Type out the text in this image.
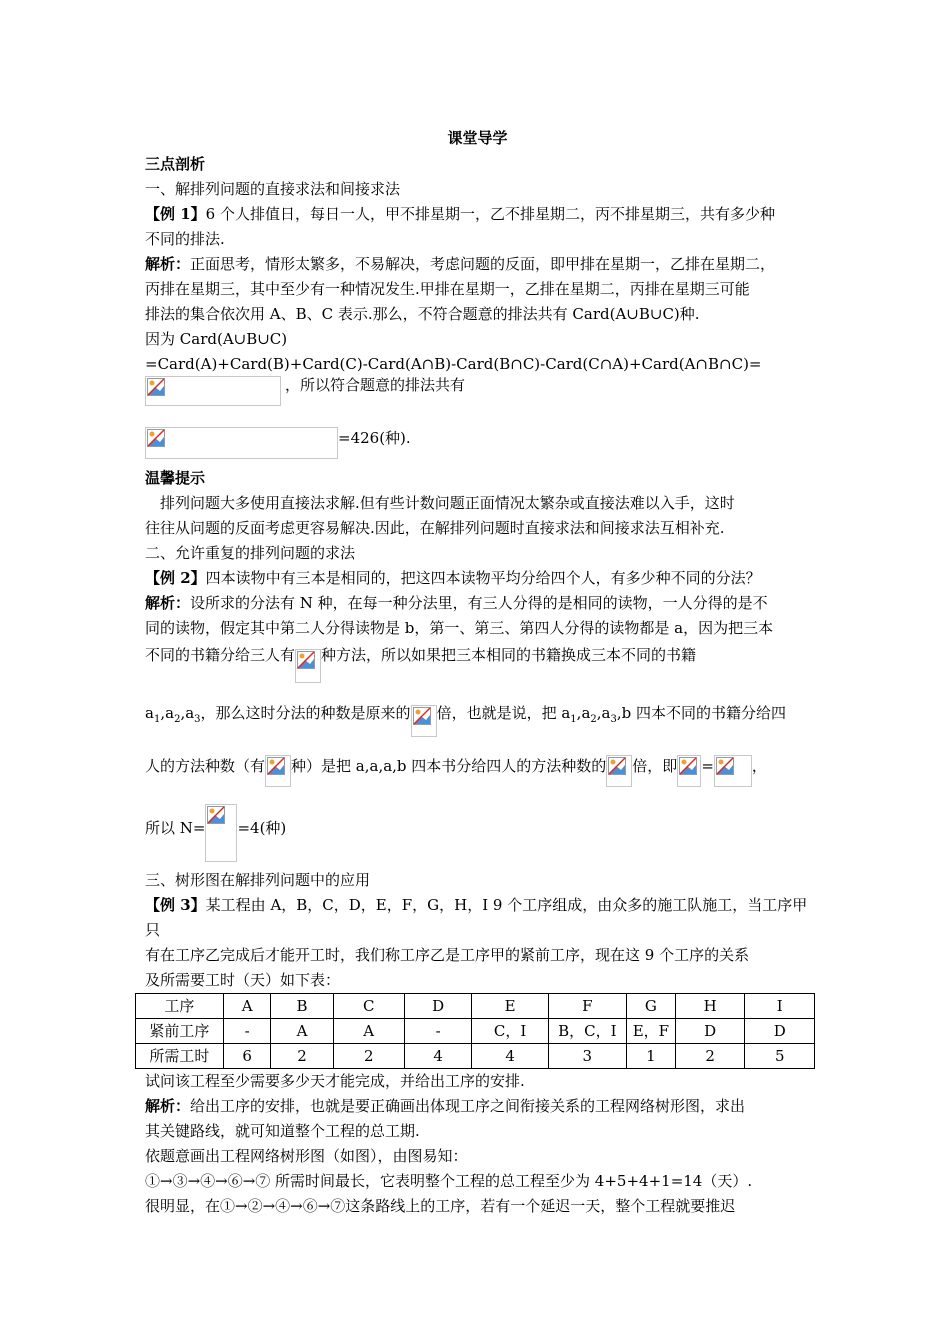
课堂导学

三点剖析

一、解排列问题的直接求法和间接求法

【例 1】6 个人排值日，每日一人，甲不排星期一，乙不排星期二，丙不排星期三，共有多少种

不同的排法.

解析：正面思考，情形太繁多，不易解决，考虑问题的反面，即甲排在星期一，乙排在星期二，

丙排在星期三，其中至少有一种情况发生.甲排在星期一，乙排在星期二，丙排在星期三可能

排法的集合依次用 A、B、C 表示.那么，不符合题意的排法共有 Card(A∪B∪C)种.

因为 Card(A∪B∪C)

=Card(A)+Card(B)+Card(C)-Card(A∩B)-Card(B∩C)-Card(C∩A)+Card(A∩B∩C)=

，所以符合题意的排法共有
=426(种).

温馨提示

排列问题大多使用直接法求解.但有些计数问题正面情况太繁杂或直接法难以入手，这时

往往从问题的反面考虑更容易解决.因此，在解排列问题时直接求法和间接求法互相补充.

二、允许重复的排列问题的求法

【例 2】四本读物中有三本是相同的，把这四本读物平均分给四个人，有多少种不同的分法？

解析：设所求的分法有 N 种，在每一种分法里，有三人分得的是相同的读物，一人分得的是不

同的读物，假定其中第二人分得读物是 b，第一、第三、第四人分得的读物都是 a，因为把三本

不同的书籍分给三人有 种方法，所以如果把三本相同的书籍换成三本不同的书籍
$a_1,a_2,a_3$，那么这时分法的种数是原来的 倍，也就是说，把 $a_1,a_2,a_3,b$ 四本不同的书籍分给四
人的方法种数（有 种）是把 a,a,a,b 四本书分给四人的方法种数的 倍，即 =	，
所以 N= =4(种)

三、树形图在解排列问题中的应用

【例 3】某工程由 A，B，C，D，E，F，G，H，I 9 个工序组成，由众多的施工队施工，当工序甲只

有在工序乙完成后才能开工时，我们称工序乙是工序甲的紧前工序，现在这 9 个工序的关系

及所需要工时（天）如下表：

工序	A	B	C	D	E	F	G	H	I
紧前工序	-	A	A	-	C，I	B，C，I	E，F	D	D
所需工时	6	2	2	4	4	3	1	2	5

试问该工程至少需要多少天才能完成，并给出工序的安排.

解析：给出工序的安排，也就是要正确画出体现工序之间衔接关系的工程网络树形图，求出

其关键路线，就可知道整个工程的总工期.

依题意画出工程网络树形图（如图），由图易知：

①→③→④→⑥→⑦ 所需时间最长，它表明整个工程的总工程至少为 4+5+4+1=14（天）.

很明显，在①→②→④→⑥→⑦这条路线上的工序，若有一个延迟一天，整个工程就要推迟
